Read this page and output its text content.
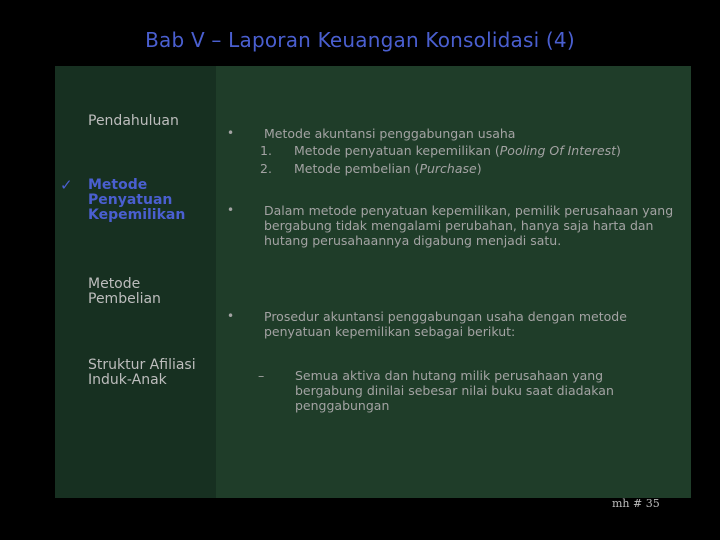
Bab V – Laporan Keuangan Konsolidasi (4)
Pendahuluan
✓ Metode Penyatuan Kepemilikan
Metode Pembelian
Struktur Afiliasi Induk-Anak
• Metode akuntansi penggabungan usaha
1. Metode penyatuan kepemilikan (Pooling Of Interest)
2. Metode pembelian (Purchase)
• Dalam metode penyatuan kepemilikan, pemilik perusahaan yang bergabung tidak mengalami perubahan, hanya saja harta dan hutang perusahaannya digabung menjadi satu.
• Prosedur akuntansi penggabungan usaha dengan metode penyatuan kepemilikan sebagai berikut:
– Semua aktiva dan hutang milik perusahaan yang bergabung dinilai sebesar nilai buku saat diadakan penggabungan
mh # 35
